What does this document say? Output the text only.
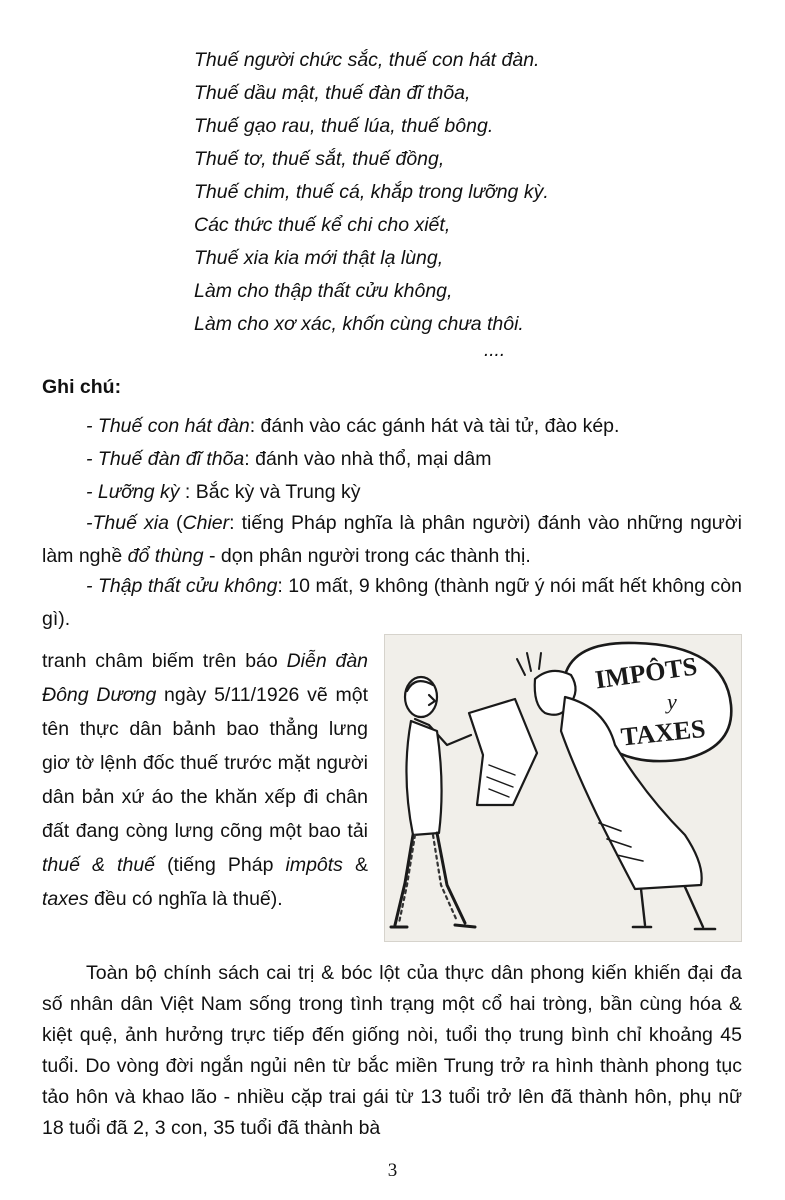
Thuế người chức sắc, thuế con hát đàn.
Thuế dầu mật, thuế đàn đĩ thõa,
Thuế gạo rau, thuế lúa, thuế bông.
Thuế tơ, thuế sắt, thuế đồng,
Thuế chim, thuế cá, khắp trong lưỡng kỳ.
Các thức thuế kể chi cho xiết,
Thuế xia kia mới thật lạ lùng,
Làm cho thập thất cửu không,
Làm cho xơ xác, khốn cùng chưa thôi.
....
Ghi chú:
- Thuế con hát đàn: đánh vào các gánh hát và tài tử, đào kép.
- Thuế đàn đĩ thõa: đánh vào nhà thổ, mại dâm
- Lưỡng kỳ : Bắc kỳ và Trung kỳ
-Thuế xia (Chier: tiếng Pháp nghĩa là phân người) đánh vào những người làm nghề đổ thùng - dọn phân người trong các thành thị.
- Thập thất cửu không: 10 mất, 9 không (thành ngữ ý nói mất hết không còn gì).
tranh châm biếm trên báo Diễn đàn Đông Dương ngày 5/11/1926 vẽ một tên thực dân bảnh bao thẳng lưng giơ tờ lệnh đốc thuế trước mặt người dân bản xứ áo the khăn xếp đi chân đất đang còng lưng cõng một bao tải thuế & thuế (tiếng Pháp impôts & taxes đều có nghĩa là thuế).
IMPÔTS
y
TAXES
Toàn bộ chính sách cai trị & bóc lột của thực dân phong kiến khiến đại đa số nhân dân Việt Nam sống trong tình trạng một cổ hai tròng, bần cùng hóa & kiệt quệ, ảnh hưởng trực tiếp đến giống nòi, tuổi thọ trung bình chỉ khoảng 45 tuổi. Do vòng đời ngắn ngủi nên từ bắc miền Trung trở ra hình thành phong tục tảo hôn và khao lão - nhiều cặp trai gái từ 13 tuổi trở lên đã thành hôn, phụ nữ 18 tuổi đã 2, 3 con, 35 tuổi đã thành bà
3
